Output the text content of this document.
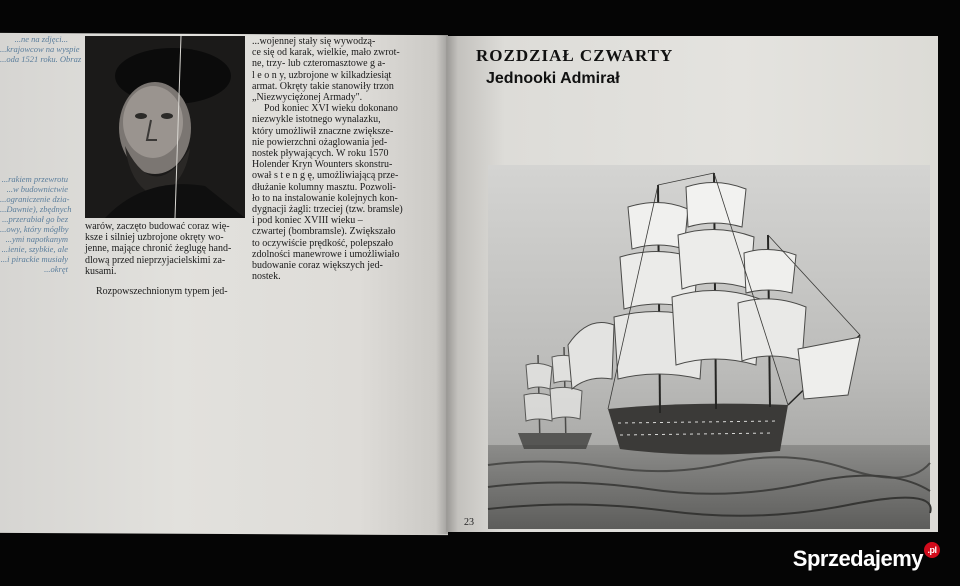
...ne na zdjęci...
...krajowcow na wyspie
...oda 1521 roku. Obraz
...rakiem przewrotu
...w budownictwie
...ograniczenie dzia-
...Dawnie), zbędnych
...przerabiał go bez
...owy, który mógłby
...ymi napotkanym
...ienie, szybkie, ale
...i pirackie musiały
...okręt
warów, zaczęto budować coraz wię-
ksze i silniej uzbrojone okręty wo-
jenne, mające chronić żeglugę hand-
dlową przed nieprzyjacielskimi za-
kusami.
Rozpowszechnionym typem jed-
...wojennej stały się wywodzą-
ce się od karak, wielkie, mało zwrot-
ne, trzy- lub czteromasztowe g a-
l e o n y, uzbrojone w kilkadziesiąt
armat. Okręty takie stanowiły trzon
„Niezwyciężonej Armady".
Pod koniec XVI wieku dokonano
niezwykle istotnego wynalazku,
który umożliwił znaczne zwiększe-
nie powierzchni ożaglowania jed-
nostek pływających. W roku 1570
Holender Kryn Wounters skonstru-
ował s t e n g ę, umożliwiającą prze-
dłużanie kolumny masztu. Pozwoli-
ło to na instalowanie kolejnych kon-
dygnacji żagli: trzeciej (tzw. bramsle)
i pod koniec XVIII wieku –
czwartej (bombramsle). Zwiększało
to oczywiście prędkość, polepszało
zdolności manewrowe i umożliwiało
budowanie coraz większych jed-
nostek.
ROZDZIAŁ CZWARTY
Jednooki Admirał
23
Sprzedajemy .pl
